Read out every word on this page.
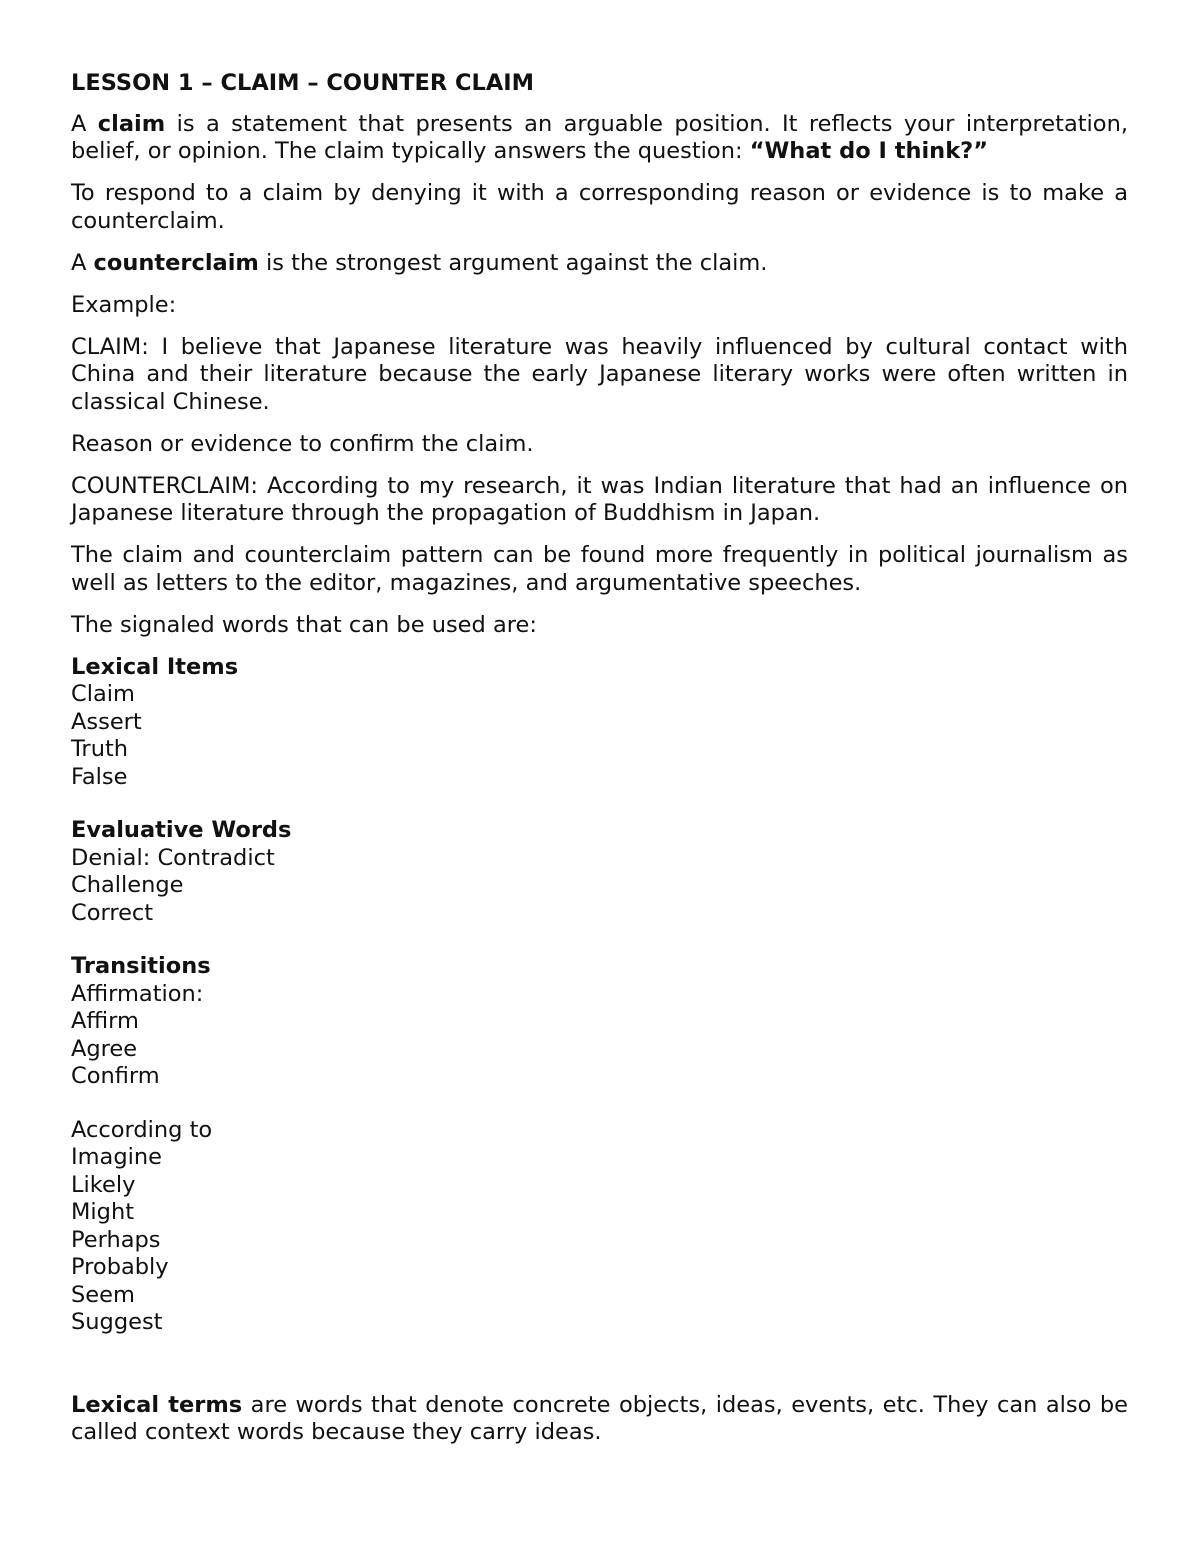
LESSON 1 – CLAIM – COUNTER CLAIM

A claim is a statement that presents an arguable position. It reflects your interpretation, belief, or opinion. The claim typically answers the question: “What do I think?”

To respond to a claim by denying it with a corresponding reason or evidence is to make a counterclaim.

A counterclaim is the strongest argument against the claim.

Example:

CLAIM: I believe that Japanese literature was heavily influenced by cultural contact with China and their literature because the early Japanese literary works were often written in classical Chinese.

Reason or evidence to confirm the claim.

COUNTERCLAIM: According to my research, it was Indian literature that had an influence on Japanese literature through the propagation of Buddhism in Japan.

The claim and counterclaim pattern can be found more frequently in political journalism as well as letters to the editor, magazines, and argumentative speeches.

The signaled words that can be used are:

Lexical Items
Claim
Assert
Truth
False
Evaluative Words
Denial: Contradict
Challenge
Correct
Transitions
Affirmation:
Affirm
Agree
Confirm
According to
Imagine
Likely
Might
Perhaps
Probably
Seem
Suggest

Lexical terms are words that denote concrete objects, ideas, events, etc. They can also be called context words because they carry ideas.
